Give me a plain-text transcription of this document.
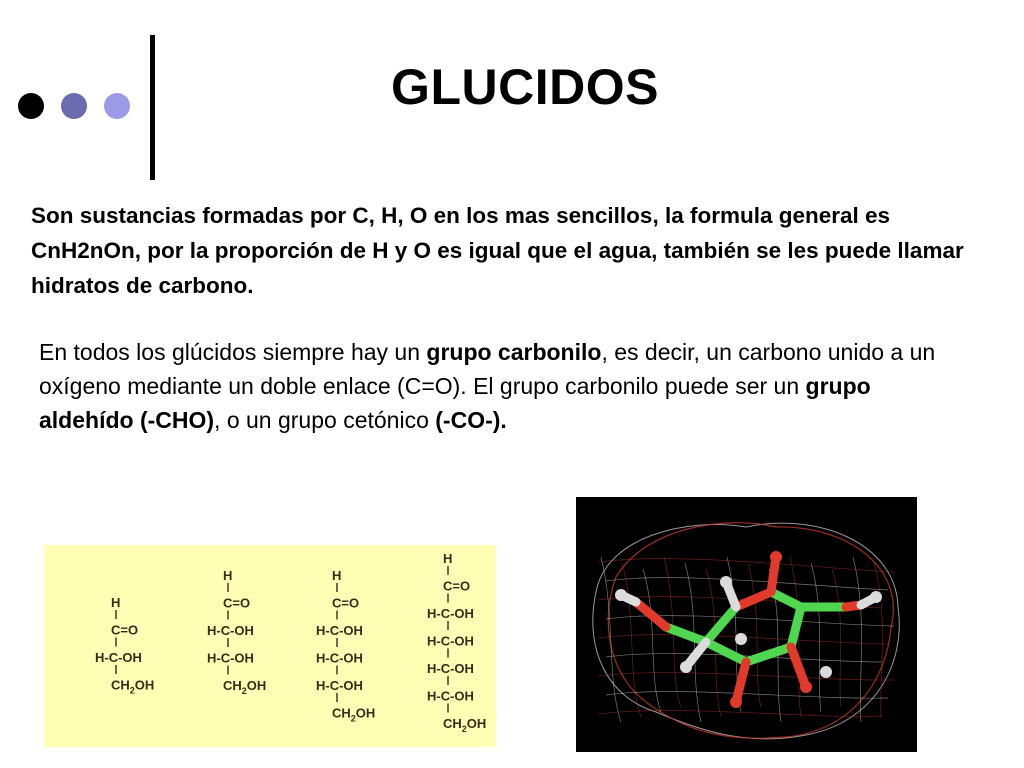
GLUCIDOS
Son sustancias formadas por C, H, O en los mas sencillos, la formula general es CnH2nOn, por la proporción de H y O es igual que el agua, también se les puede llamar hidratos de carbono.
En todos los glúcidos siempre hay un grupo carbonilo, es decir, un carbono unido a un oxígeno mediante un doble enlace (C=O). El grupo carbonilo puede ser un grupo aldehído (-CHO), o un grupo cetónico (-CO-).
H
C=O
H-C-OH
$CH_2OH$
H
C=O
H-C-OH
H-C-OH
$CH_2OH$
H
C=O
H-C-OH
H-C-OH
H-C-OH
$CH_2OH$
H
C=O
H-C-OH
H-C-OH
H-C-OH
H-C-OH
$CH_2OH$
